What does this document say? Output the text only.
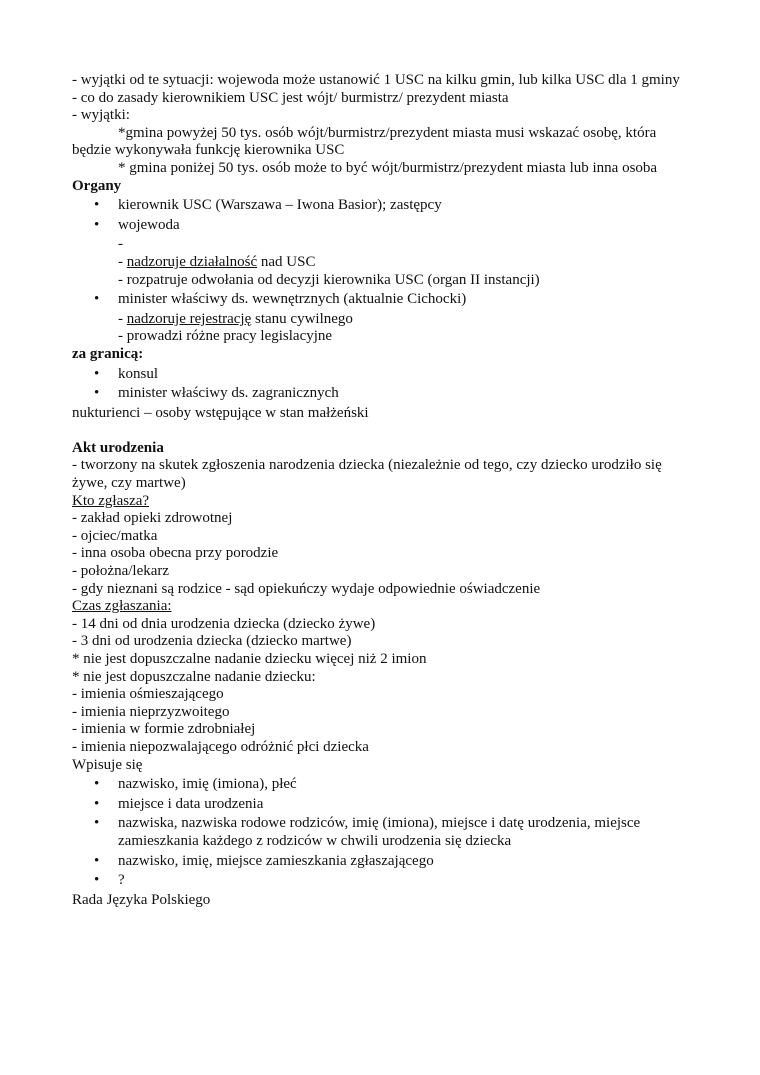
- wyjątki od te sytuacji: wojewoda może ustanowić 1 USC na kilku gmin, lub kilka USC dla 1 gminy
- co do zasady kierownikiem USC jest wójt/ burmistrz/ prezydent miasta
- wyjątki:
*gmina powyżej 50 tys. osób wójt/burmistrz/prezydent miasta musi wskazać osobę, która
będzie wykonywała funkcję kierownika USC
* gmina poniżej 50 tys. osób może to być wójt/burmistrz/prezydent miasta lub inna osoba
Organy
• kierownik USC (Warszawa – Iwona Basior); zastępcy
• wojewoda
-
- nadzoruje działalność nad USC
- rozpatruje odwołania od decyzji kierownika USC (organ II instancji)
• minister właściwy ds. wewnętrznych (aktualnie Cichocki)
- nadzoruje rejestrację stanu cywilnego
- prowadzi różne pracy legislacyjne
za granicą:
• konsul
• minister właściwy ds. zagranicznych
nukturienci – osoby wstępujące w stan małżeński
Akt urodzenia
- tworzony na skutek zgłoszenia narodzenia dziecka (niezależnie od tego, czy dziecko urodziło się żywe, czy martwe)
Kto zgłasza?
- zakład opieki zdrowotnej
- ojciec/matka
- inna osoba obecna przy porodzie
- położna/lekarz
- gdy nieznani są rodzice - sąd opiekuńczy wydaje odpowiednie oświadczenie
Czas zgłaszania:
- 14 dni od dnia urodzenia dziecka (dziecko żywe)
- 3 dni od urodzenia dziecka (dziecko martwe)
* nie jest dopuszczalne nadanie dziecku więcej niż 2 imion
* nie jest dopuszczalne nadanie dziecku:
- imienia ośmieszającego
- imienia nieprzyzwoitego
- imienia w formie zdrobniałej
- imienia niepozwalającego odróżnić płci dziecka
Wpisuje się
• nazwisko, imię (imiona), płeć
• miejsce i data urodzenia
• nazwiska, nazwiska rodowe rodziców, imię (imiona), miejsce i datę urodzenia, miejsce zamieszkania każdego z rodziców w chwili urodzenia się dziecka
• nazwisko, imię, miejsce zamieszkania zgłaszającego
• ?
Rada Języka Polskiego
